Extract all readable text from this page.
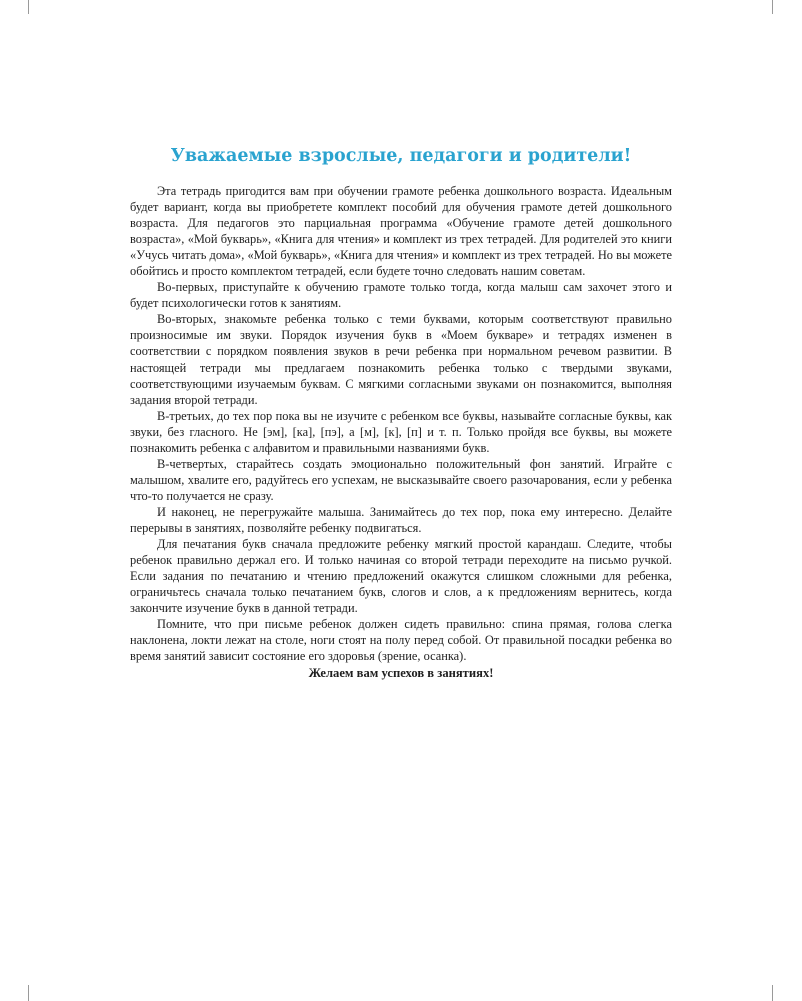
Уважаемые взрослые, педагоги и родители!

Эта тетрадь пригодится вам при обучении грамоте ребенка дошкольного возраста. Идеальным будет вариант, когда вы приобретете комплект пособий для обучения грамоте детей дошкольного возраста. Для педагогов это парциальная программа «Обучение грамоте детей дошкольного возраста», «Мой букварь», «Книга для чтения» и комплект из трех тетрадей. Для родителей это книги «Учусь читать дома», «Мой букварь», «Книга для чтения» и комплект из трех тетрадей. Но вы можете обойтись и просто комплектом тетрадей, если будете точно следовать нашим советам.

Во-первых, приступайте к обучению грамоте только тогда, когда малыш сам захочет этого и будет психологически готов к занятиям.

Во-вторых, знакомьте ребенка только с теми буквами, которым соответствуют правильно произносимые им звуки. Порядок изучения букв в «Моем букваре» и тетрадях изменен в соответствии с порядком появления звуков в речи ребенка при нормальном речевом развитии. В настоящей тетради мы предлагаем познакомить ребенка только с твердыми звуками, соответствующими изучаемым буквам. С мягкими согласными звуками он познакомится, выполняя задания второй тетради.

В-третьих, до тех пор пока вы не изучите с ребенком все буквы, называйте согласные буквы, как звуки, без гласного. Не [эм], [ка], [пэ], а [м], [к], [п] и т. п. Только пройдя все буквы, вы можете познакомить ребенка с алфавитом и правильными названиями букв.

В-четвертых, старайтесь создать эмоционально положительный фон занятий. Играйте с малышом, хвалите его, радуйтесь его успехам, не высказывайте своего разочарования, если у ребенка что-то получается не сразу.

И наконец, не перегружайте малыша. Занимайтесь до тех пор, пока ему интересно. Делайте перерывы в занятиях, позволяйте ребенку подвигаться.

Для печатания букв сначала предложите ребенку мягкий простой карандаш. Следите, чтобы ребенок правильно держал его. И только начиная со второй тетради переходите на письмо ручкой. Если задания по печатанию и чтению предложений окажутся слишком сложными для ребенка, ограничьтесь сначала только печатанием букв, слогов и слов, а к предложениям вернитесь, когда закончите изучение букв в данной тетради.

Помните, что при письме ребенок должен сидеть правильно: спина прямая, голова слегка наклонена, локти лежат на столе, ноги стоят на полу перед собой. От правильной посадки ребенка во время занятий зависит состояние его здоровья (зрение, осанка).

Желаем вам успехов в занятиях!
